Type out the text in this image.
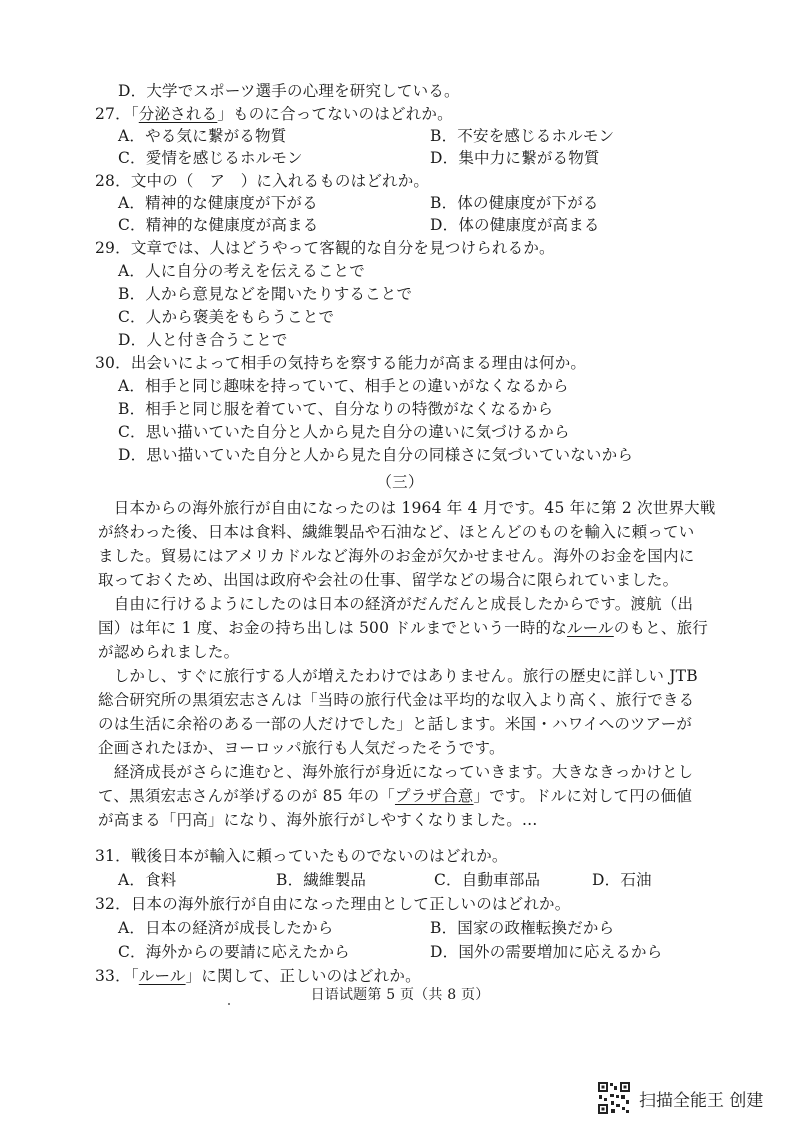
D．大学でスポーツ選手の心理を研究している。
27．「分泌される」ものに合ってないのはどれか。
A．やる気に繋がる物質	B．不安を感じるホルモン
C．愛情を感じるホルモン	D．集中力に繋がる物質
28．文中の（　ア　）に入れるものはどれか。
A．精神的な健康度が下がる	B．体の健康度が下がる
C．精神的な健康度が高まる	D．体の健康度が高まる
29．文章では、人はどうやって客観的な自分を見つけられるか。
A．人に自分の考えを伝えることで
B．人から意見などを聞いたりすることで
C．人から褒美をもらうことで
D．人と付き合うことで
30．出会いによって相手の気持ちを察する能力が高まる理由は何か。
A．相手と同じ趣味を持っていて、相手との違いがなくなるから
B．相手と同じ服を着ていて、自分なりの特徴がなくなるから
C．思い描いていた自分と人から見た自分の違いに気づけるから
D．思い描いていた自分と人から見た自分の同様さに気づいていないから
（三）
　日本からの海外旅行が自由になったのは 1964 年 4 月です。45 年に第 2 次世界大戦
が終わった後、日本は食料、繊維製品や石油など、ほとんどのものを輸入に頼ってい
ました。貿易にはアメリカドルなど海外のお金が欠かせません。海外のお金を国内に
取っておくため、出国は政府や会社の仕事、留学などの場合に限られていました。
　自由に行けるようにしたのは日本の経済がだんだんと成長したからです。渡航（出
国）は年に 1 度、お金の持ち出しは 500 ドルまでという一時的なルールのもと、旅行
が認められました。
　しかし、すぐに旅行する人が増えたわけではありません。旅行の歴史に詳しい JTB
総合研究所の黒須宏志さんは「当時の旅行代金は平均的な収入より高く、旅行できる
のは生活に余裕のある一部の人だけでした」と話します。米国・ハワイへのツアーが
企画されたほか、ヨーロッパ旅行も人気だったそうです。
　経済成長がさらに進むと、海外旅行が身近になっていきます。大きなきっかけとし
て、黒須宏志さんが挙げるのが 85 年の「プラザ合意」です。ドルに対して円の価値
が高まる「円高」になり、海外旅行がしやすくなりました。…
31．戦後日本が輸入に頼っていたものでないのはどれか。
A．食料	B．繊維製品	C．自動車部品	D．石油
32．日本の海外旅行が自由になった理由として正しいのはどれか。
A．日本の経済が成長したから	B．国家の政権転換だから
C．海外からの要請に応えたから	D．国外の需要増加に応えるから
33．「ルール」に関して、正しいのはどれか。
日语试题第 5 页（共 8 页）
扫描全能王 创建
